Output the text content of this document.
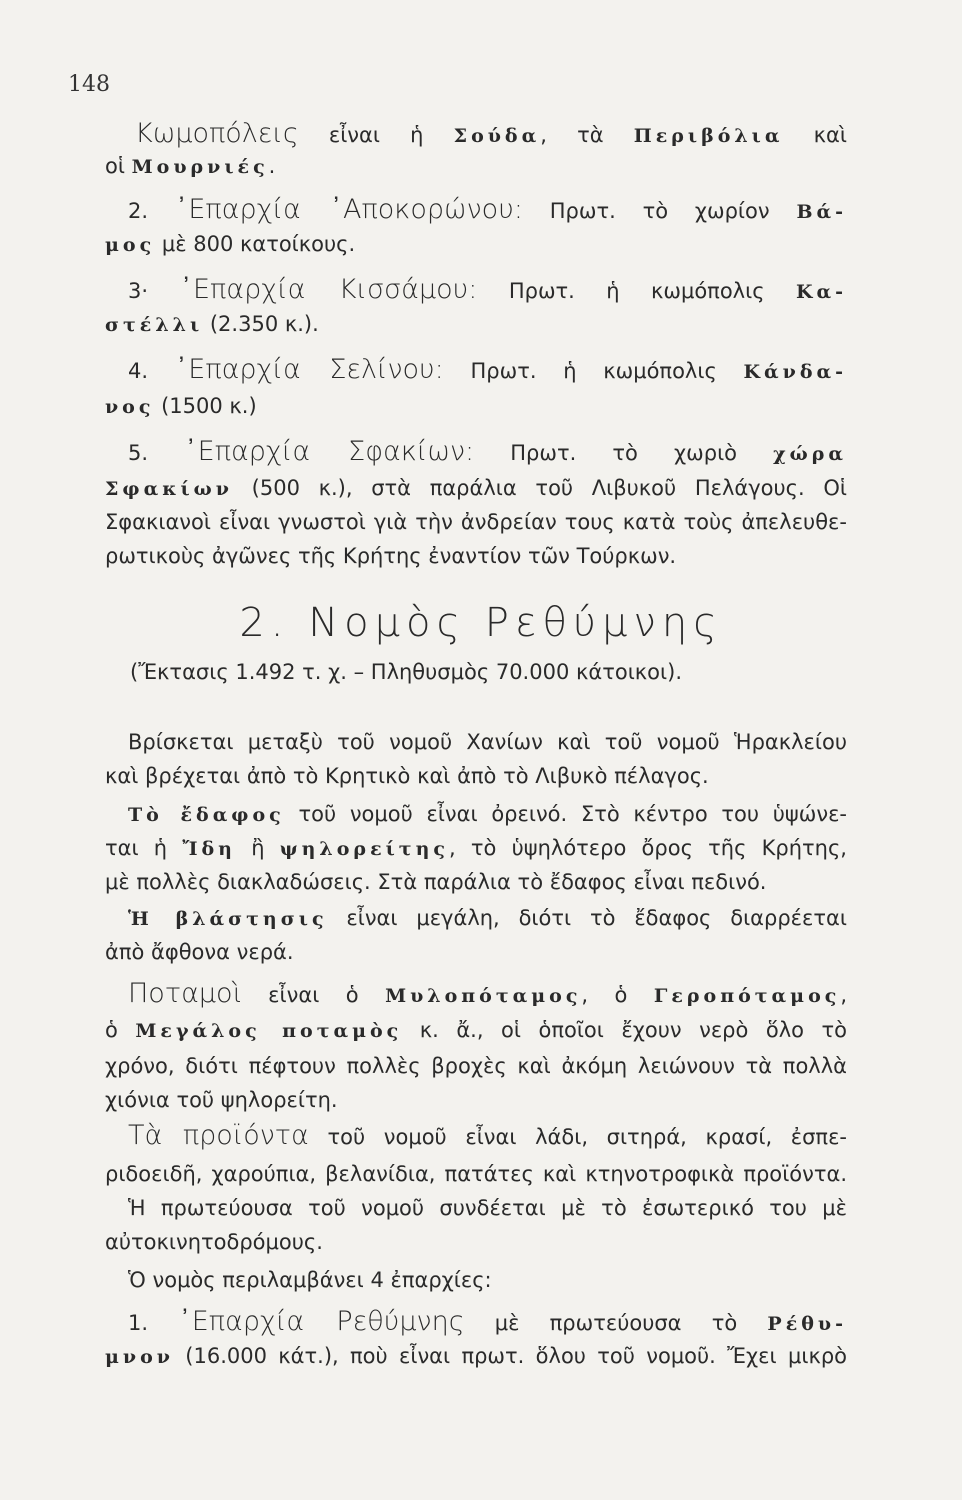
148
Κωμοπόλεις εἶναι ἡ Σούδα, τὰ Περιβόλια καὶ
οἱ Μουρνιές.
2. ᾿Επαρχία ᾿Αποκορώνου: Πρωτ. τὸ χωρίον Βά-
μος μὲ 800 κατοίκους.
3· ᾿Επαρχία Κισσάμου: Πρωτ. ἡ κωμόπολις Κα-
στέλλι (2.350 κ.).
4. ᾿Επαρχία Σελίνου: Πρωτ. ἡ κωμόπολις Κάνδα-
νος (1500 κ.)
5. ᾿Επαρχία Σφακίων: Πρωτ. τὸ χωριὸ χώρα
Σφακίων (500 κ.), στὰ παράλια τοῦ Λιβυκοῦ Πελάγους. Οἱ
Σφακιανοὶ εἶναι γνωστοὶ γιὰ τὴν ἀνδρείαν τους κατὰ τοὺς ἀπελευθε-
ρωτικοὺς ἀγῶνες τῆς Κρήτης ἐναντίον τῶν Τούρκων.
2. Νομὸς Ρεθύμνης
(Ἔκτασις 1.492 τ. χ. – Πληθυσμὸς 70.000 κάτοικοι).
Βρίσκεται μεταξὺ τοῦ νομοῦ Χανίων καὶ τοῦ νομοῦ Ἡρακλείου
καὶ βρέχεται ἀπὸ τὸ Κρητικὸ καὶ ἀπὸ τὸ Λιβυκὸ πέλαγος.
Τὸ ἔδαφος τοῦ νομοῦ εἶναι ὀρεινό. Στὸ κέντρο του ὑψώνε-
ται ἡ Ἴδη ἢ ψηλορείτης, τὸ ὑψηλότερο ὄρος τῆς Κρήτης,
μὲ πολλὲς διακλαδώσεις. Στὰ παράλια τὸ ἔδαφος εἶναι πεδινό.
Ἡ βλάστησις εἶναι μεγάλη, διότι τὸ ἔδαφος διαρρέεται
ἀπὸ ἄφθονα νερά.
Ποταμοὶ εἶναι ὁ Μυλοπόταμος, ὁ Γεροπόταμος,
ὁ Μεγάλος ποταμὸς κ. ἄ., οἱ ὁποῖοι ἔχουν νερὸ ὅλο τὸ
χρόνο, διότι πέφτουν πολλὲς βροχὲς καὶ ἀκόμη λειώνουν τὰ πολλὰ
χιόνια τοῦ ψηλορείτη.
Τὰ προϊόντα τοῦ νομοῦ εἶναι λάδι, σιτηρά, κρασί, ἐσπε-
ριδοειδῆ, χαρούπια, βελανίδια, πατάτες καὶ κτηνοτροφικὰ προϊόντα.
Ἡ πρωτεύουσα τοῦ νομοῦ συνδέεται μὲ τὸ ἐσωτερικό του μὲ
αὐτοκινητοδρόμους.
Ὁ νομὸς περιλαμβάνει 4 ἐπαρχίες:
1. ᾿Επαρχία Ρεθύμνης μὲ πρωτεύουσα τὸ Ρέθυ-
μνον (16.000 κάτ.), ποὺ εἶναι πρωτ. ὅλου τοῦ νομοῦ. Ἔχει μικρὸ
